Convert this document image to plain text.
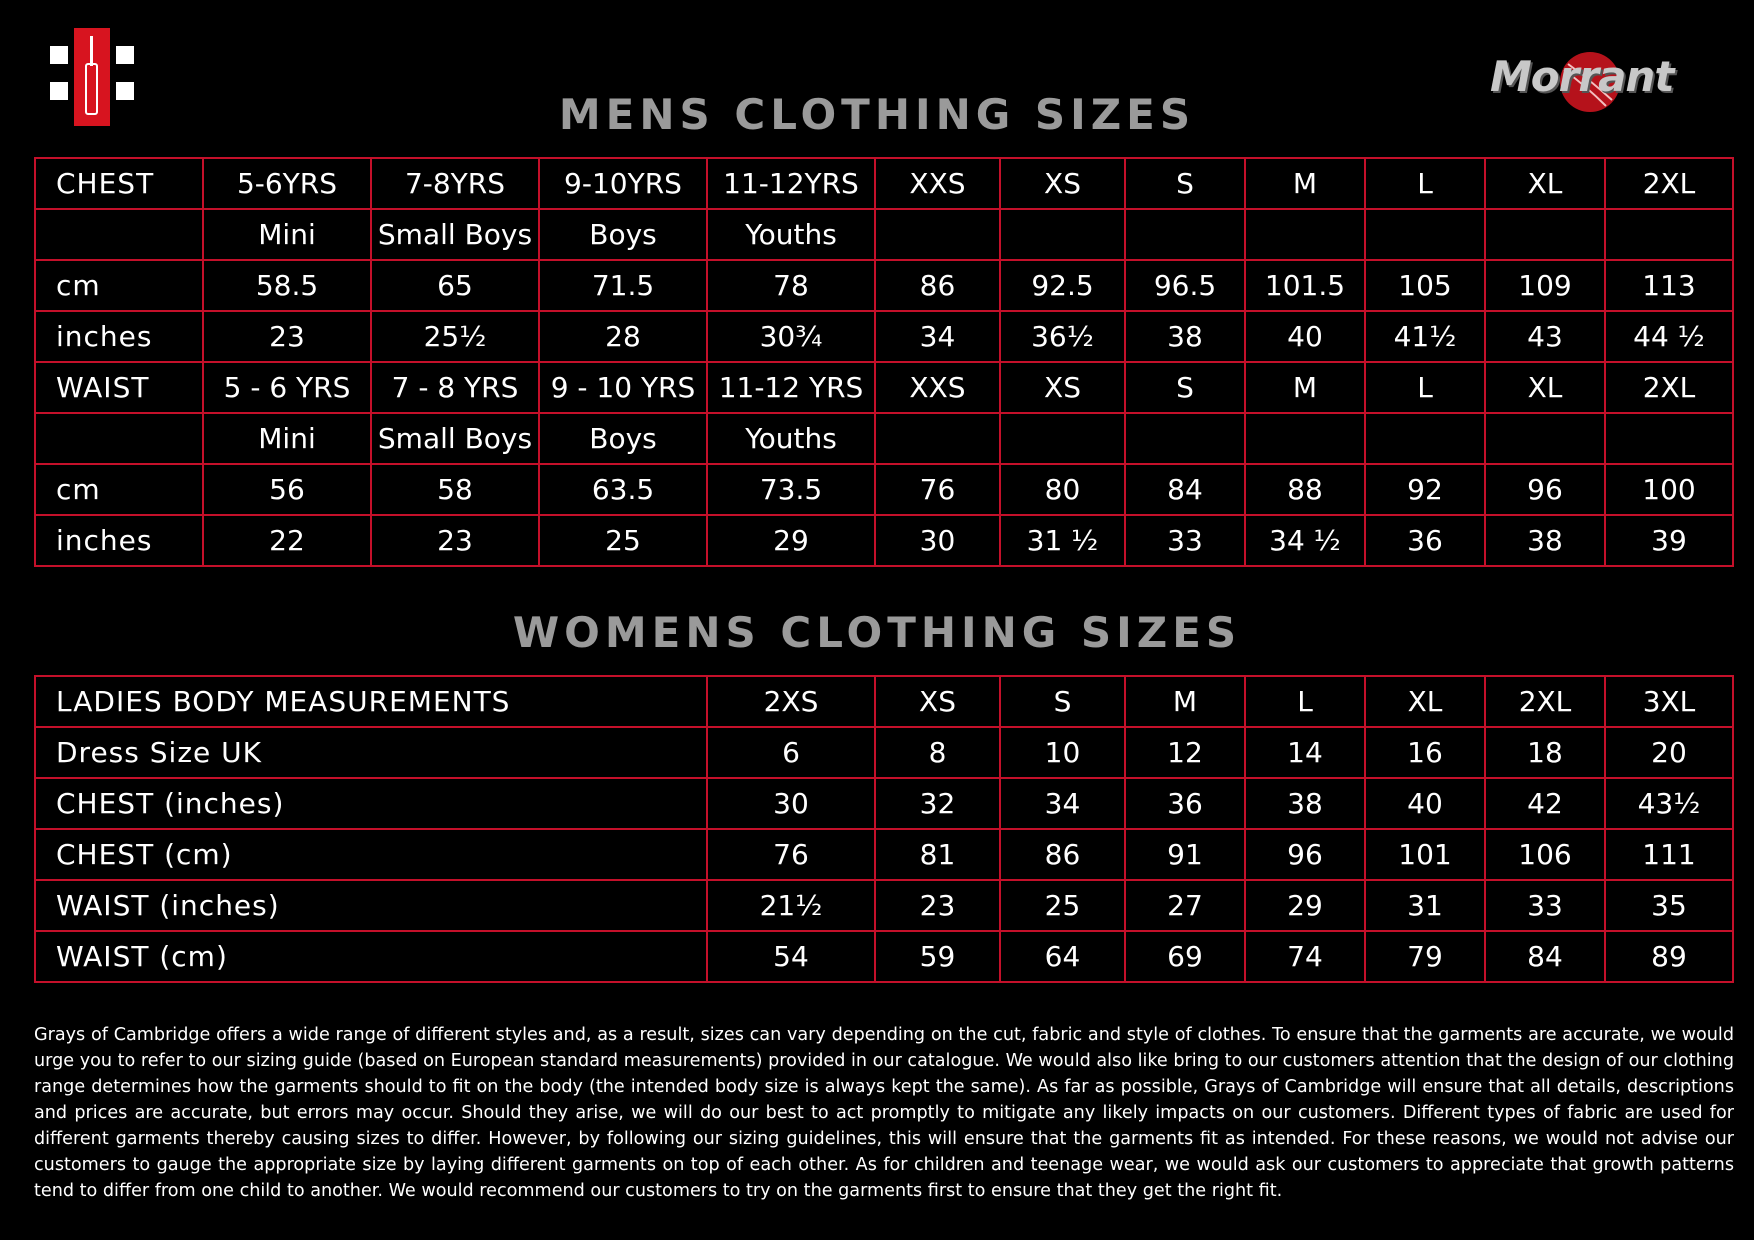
Morrant
MENS CLOTHING SIZES
CHEST	5-6YRS	7-8YRS	9-10YRS	11-12YRS	XXS	XS	S	M	L	XL	2XL
	Mini	Small Boys	Boys	Youths							
cm	58.5	65	71.5	78	86	92.5	96.5	101.5	105	109	113
inches	23	25½	28	30¾	34	36½	38	40	41½	43	44 ½
WAIST	5 - 6 YRS	7 - 8 YRS	9 - 10 YRS	11-12 YRS	XXS	XS	S	M	L	XL	2XL
	Mini	Small Boys	Boys	Youths							
cm	56	58	63.5	73.5	76	80	84	88	92	96	100
inches	22	23	25	29	30	31 ½	33	34 ½	36	38	39
WOMENS CLOTHING SIZES
LADIES BODY MEASUREMENTS	2XS	XS	S	M	L	XL	2XL	3XL
Dress Size UK	6	8	10	12	14	16	18	20
CHEST (inches)	30	32	34	36	38	40	42	43½
CHEST (cm)	76	81	86	91	96	101	106	111
WAIST (inches)	21½	23	25	27	29	31	33	35
WAIST (cm)	54	59	64	69	74	79	84	89
Grays of Cambridge offers a wide range of different styles and, as a result, sizes can vary depending on the cut, fabric and style of clothes. To ensure that the garments are accurate, we would urge you to refer to our sizing guide (based on European standard measurements) provided in our catalogue. We would also like bring to our customers attention that the design of our clothing range determines how the garments should to fit on the body (the intended body size is always kept the same). As far as possible, Grays of Cambridge will ensure that all details, descriptions and prices are accurate, but errors may occur. Should they arise, we will do our best to act promptly to mitigate any likely impacts on our customers. Different types of fabric are used for different garments thereby causing sizes to differ. However, by following our sizing guidelines, this will ensure that the garments fit as intended. For these reasons, we would not advise our customers to gauge the appropriate size by laying different garments on top of each other. As for children and teenage wear, we would ask our customers to appreciate that growth patterns tend to differ from one child to another. We would recommend our customers to try on the garments first to ensure that they get the right fit.
